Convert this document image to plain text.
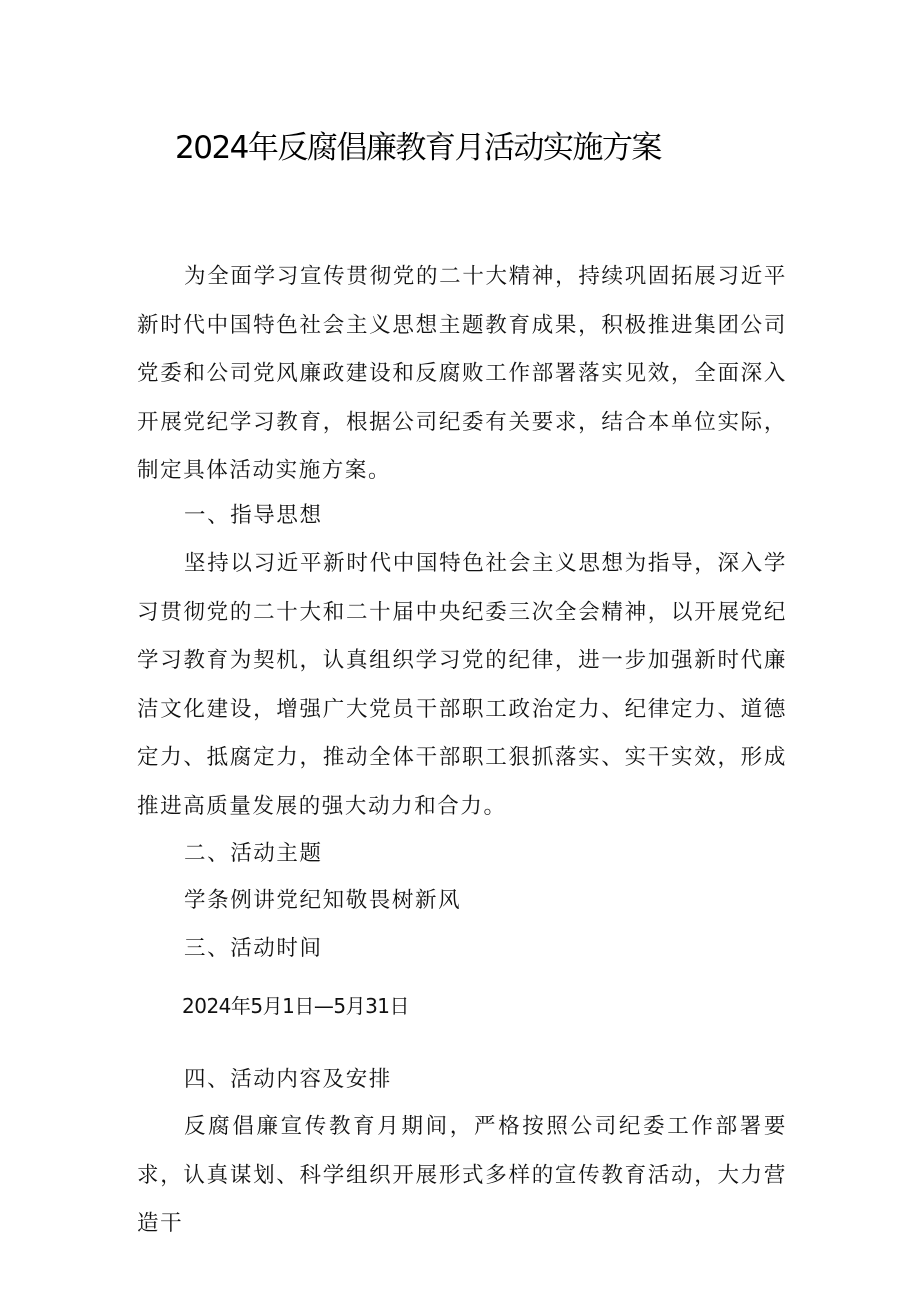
2024年反腐倡廉教育月活动实施方案

为全面学习宣传贯彻党的二十大精神，持续巩固拓展习近平新时代中国特色社会主义思想主题教育成果，积极推进集团公司党委和公司党风廉政建设和反腐败工作部署落实见效，全面深入开展党纪学习教育，根据公司纪委有关要求，结合本单位实际，制定具体活动实施方案。

一、指导思想

坚持以习近平新时代中国特色社会主义思想为指导，深入学习贯彻党的二十大和二十届中央纪委三次全会精神，以开展党纪学习教育为契机，认真组织学习党的纪律，进一步加强新时代廉洁文化建设，增强广大党员干部职工政治定力、纪律定力、道德定力、抵腐定力，推动全体干部职工狠抓落实、实干实效，形成推进高质量发展的强大动力和合力。

二、活动主题
学条例讲党纪知敬畏树新风
三、活动时间
2024年5月1日—5月31日
四、活动内容及安排

反腐倡廉宣传教育月期间，严格按照公司纪委工作部署要求，认真谋划、科学组织开展形式多样的宣传教育活动，大力营造干
